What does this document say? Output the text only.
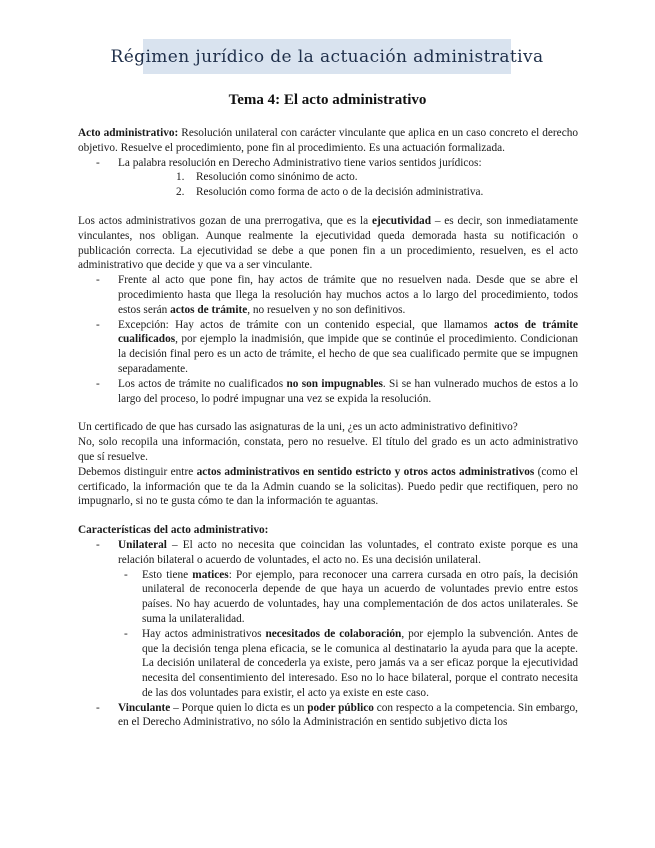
Régimen jurídico de la actuación administrativa
Tema 4: El acto administrativo

Acto administrativo: Resolución unilateral con carácter vinculante que aplica en un caso concreto el derecho objetivo. Resuelve el procedimiento, pone fin al procedimiento. Es una actuación formalizada.

- La palabra resolución en Derecho Administrativo tiene varios sentidos jurídicos:
1. Resolución como sinónimo de acto.
2. Resolución como forma de acto o de la decisión administrativa.

Los actos administrativos gozan de una prerrogativa, que es la ejecutividad – es decir, son inmediatamente vinculantes, nos obligan. Aunque realmente la ejecutividad queda demorada hasta su notificación o publicación correcta. La ejecutividad se debe a que ponen fin a un procedimiento, resuelven, es el acto administrativo que decide y que va a ser vinculante.

- Frente al acto que pone fin, hay actos de trámite que no resuelven nada. Desde que se abre el procedimiento hasta que llega la resolución hay muchos actos a lo largo del procedimiento, todos estos serán actos de trámite, no resuelven y no son definitivos.
- Excepción: Hay actos de trámite con un contenido especial, que llamamos actos de trámite cualificados, por ejemplo la inadmisión, que impide que se continúe el procedimiento. Condicionan la decisión final pero es un acto de trámite, el hecho de que sea cualificado permite que se impugnen separadamente.
- Los actos de trámite no cualificados no son impugnables. Si se han vulnerado muchos de estos a lo largo del proceso, lo podré impugnar una vez se expida la resolución.

Un certificado de que has cursado las asignaturas de la uni, ¿es un acto administrativo definitivo?

No, solo recopila una información, constata, pero no resuelve. El título del grado es un acto administrativo que sí resuelve.

Debemos distinguir entre actos administrativos en sentido estricto y otros actos administrativos (como el certificado, la información que te da la Admin cuando se la solicitas). Puedo pedir que rectifiquen, pero no impugnarlo, si no te gusta cómo te dan la información te aguantas.

Características del acto administrativo:

- Unilateral – El acto no necesita que coincidan las voluntades, el contrato existe porque es una relación bilateral o acuerdo de voluntades, el acto no. Es una decisión unilateral.
- Esto tiene matices: Por ejemplo, para reconocer una carrera cursada en otro país, la decisión unilateral de reconocerla depende de que haya un acuerdo de voluntades previo entre estos países. No hay acuerdo de voluntades, hay una complementación de dos actos unilaterales. Se suma la unilateralidad.
- Hay actos administrativos necesitados de colaboración, por ejemplo la subvención. Antes de que la decisión tenga plena eficacia, se le comunica al destinatario la ayuda para que la acepte. La decisión unilateral de concederla ya existe, pero jamás va a ser eficaz porque la ejecutividad necesita del consentimiento del interesado. Eso no lo hace bilateral, porque el contrato necesita de las dos voluntades para existir, el acto ya existe en este caso.
- Vinculante – Porque quien lo dicta es un poder público con respecto a la competencia. Sin embargo, en el Derecho Administrativo, no sólo la Administración en sentido subjetivo dicta los
